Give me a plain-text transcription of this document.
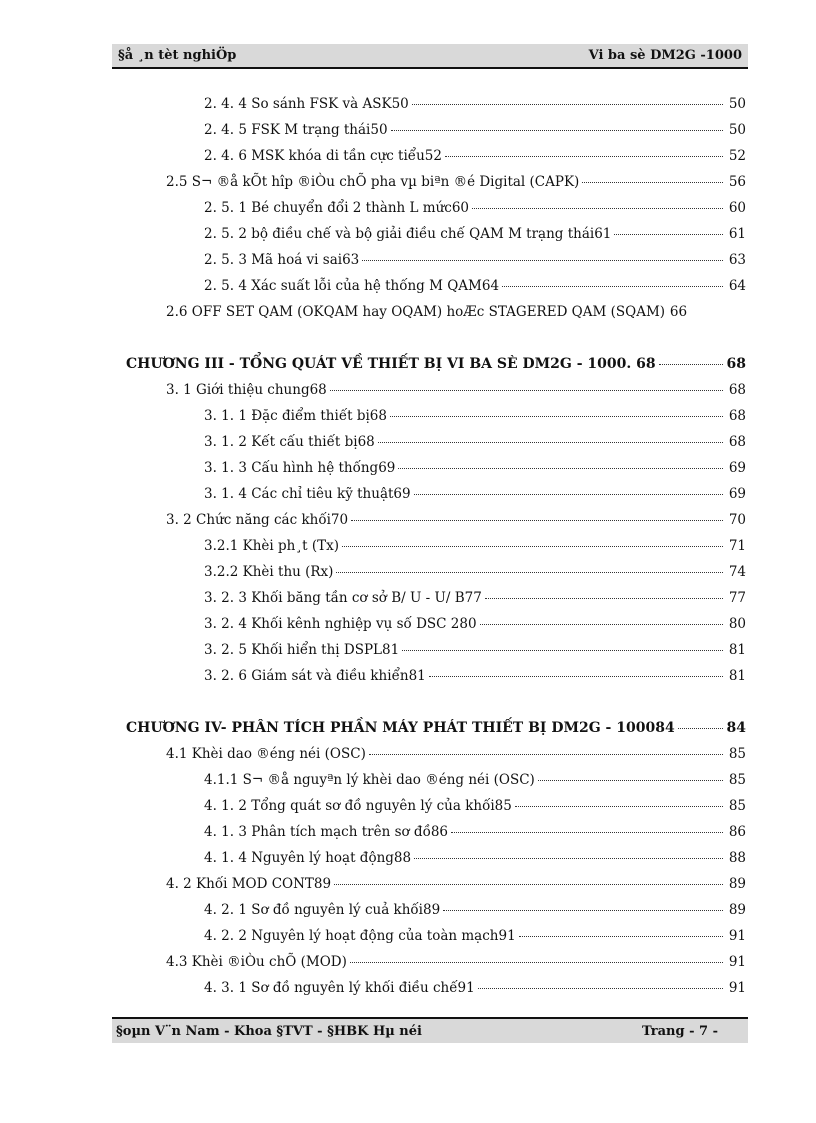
§å ¸n tèt nghiÖp	Vi ba sè DM2G -1000
2. 4. 4 So sánh FSK và ASK50	50
2. 4. 5 FSK M trạng thái50	50
2. 4. 6 MSK khóa di tần cực tiểu52	52
2.5 S¬ ®å kÕt hîp ®iÒu chÕ pha vµ biªn ®é Digital (CAPK)	56
2. 5. 1 Bé chuyển đổi 2 thành L mức60	60
2. 5. 2 bộ điều chế và bộ giải điều chế QAM M trạng thái61	61
2. 5. 3 Mã hoá vi sai63	63
2. 5. 4 Xác suất lỗi của hệ thống M QAM64	64
2.6 OFF SET QAM (OKQAM hay OQAM) hoÆc STAGERED QAM (SQAM) 66
CHƯƠNG III - TỔNG QUÁT VỀ THIẾT BỊ VI BA SÈ DM2G - 1000. 68	68
3. 1 Giới thiệu chung68	68
3. 1. 1 Đặc điểm thiết bị68	68
3. 1. 2 Kết cấu thiết bị68	68
3. 1. 3 Cấu hình hệ thống69	69
3. 1. 4 Các chỉ tiêu kỹ thuật69	69
3. 2 Chức năng các khối70	70
3.2.1 Khèi ph¸t (Tx)	71
3.2.2 Khèi thu (Rx)	74
3. 2. 3 Khối băng tần cơ sở B/ U - U/ B77	77
3. 2. 4 Khối kênh nghiệp vụ số DSC 280	80
3. 2. 5 Khối hiển thị DSPL81	81
3. 2. 6 Giám sát và điều khiển81	81
CHƯƠNG IV- PHÂN TÍCH PHẦN MÁY PHÁT THIẾT BỊ DM2G - 100084	84
4.1 Khèi dao ®éng néi (OSC)	85
4.1.1 S¬ ®å nguyªn lý khèi dao ®éng néi (OSC)	85
4. 1. 2 Tổng quát sơ đồ nguyên lý của khối85	85
4. 1. 3 Phân tích mạch trên sơ đồ86	86
4. 1. 4 Nguyên lý hoạt động88	88
4. 2 Khối MOD CONT89	89
4. 2. 1 Sơ đồ nguyên lý cuả khối89	89
4. 2. 2 Nguyên lý hoạt động của toàn mạch91	91
4.3 Khèi ®iÒu chÕ (MOD)	91
4. 3. 1 Sơ đồ nguyên lý khối điều chế91	91
§oµn V¨n Nam - Khoa §TVT - §HBK Hµ néi	Trang - 7 -
